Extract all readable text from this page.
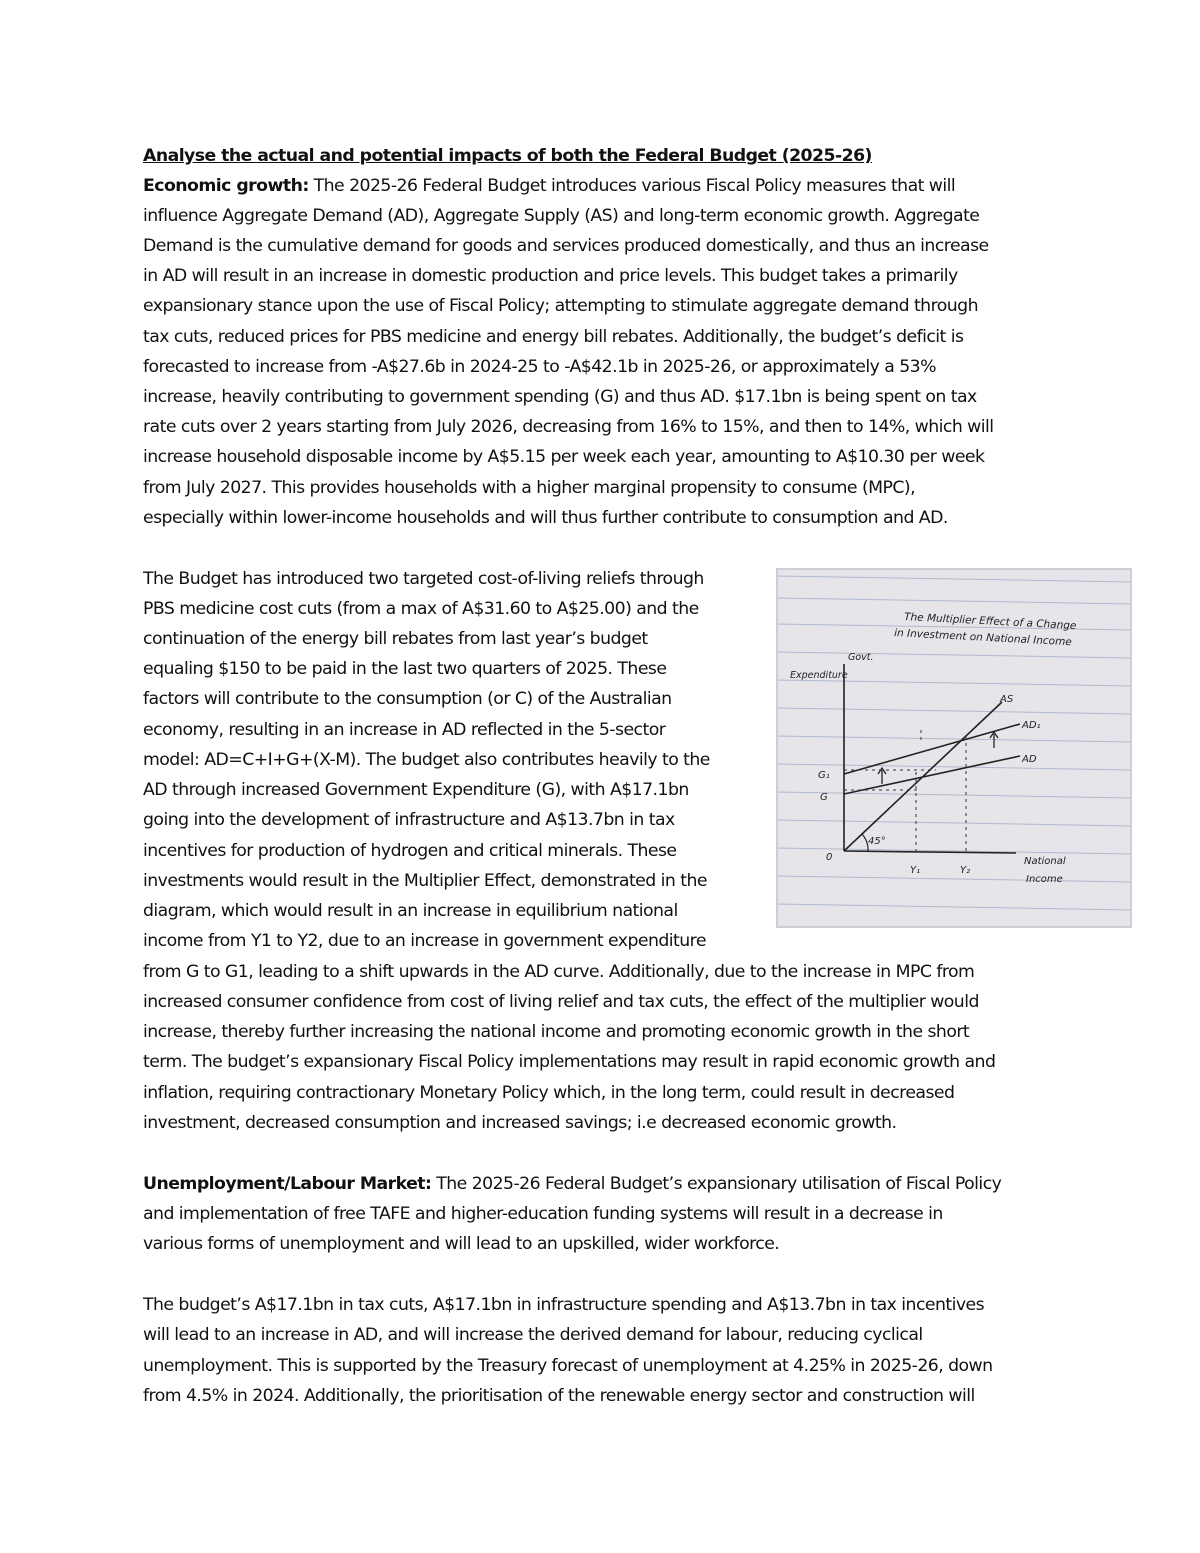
Analyse the actual and potential impacts of both the Federal Budget (2025-26)
Economic growth: The 2025-26 Federal Budget introduces various Fiscal Policy measures that will
influence Aggregate Demand (AD), Aggregate Supply (AS) and long-term economic growth. Aggregate
Demand is the cumulative demand for goods and services produced domestically, and thus an increase
in AD will result in an increase in domestic production and price levels. This budget takes a primarily
expansionary stance upon the use of Fiscal Policy; attempting to stimulate aggregate demand through
tax cuts, reduced prices for PBS medicine and energy bill rebates. Additionally, the budget’s deficit is
forecasted to increase from -A$27.6b in 2024-25 to -A$42.1b in 2025-26, or approximately a 53%
increase, heavily contributing to government spending (G) and thus AD. $17.1bn is being spent on tax
rate cuts over 2 years starting from July 2026, decreasing from 16% to 15%, and then to 14%, which will
increase household disposable income by A$5.15 per week each year, amounting to A$10.30 per week
from July 2027. This provides households with a higher marginal propensity to consume (MPC),
especially within lower-income households and will thus further contribute to consumption and AD.
The Budget has introduced two targeted cost-of-living reliefs through
PBS medicine cost cuts (from a max of A$31.60 to A$25.00) and the
continuation of the energy bill rebates from last year’s budget
equaling $150 to be paid in the last two quarters of 2025. These
factors will contribute to the consumption (or C) of the Australian
economy, resulting in an increase in AD reflected in the 5-sector
model: AD=C+I+G+(X-M). The budget also contributes heavily to the
AD through increased Government Expenditure (G), with A$17.1bn
going into the development of infrastructure and A$13.7bn in tax
incentives for production of hydrogen and critical minerals. These
investments would result in the Multiplier Effect, demonstrated in the
diagram, which would result in an increase in equilibrium national
income from Y1 to Y2, due to an increase in government expenditure
from G to G1, leading to a shift upwards in the AD curve. Additionally, due to the increase in MPC from
increased consumer confidence from cost of living relief and tax cuts, the effect of the multiplier would
increase, thereby further increasing the national income and promoting economic growth in the short
term. The budget’s expansionary Fiscal Policy implementations may result in rapid economic growth and
inflation, requiring contractionary Monetary Policy which, in the long term, could result in decreased
investment, decreased consumption and increased savings; i.e decreased economic growth.
Unemployment/Labour Market: The 2025-26 Federal Budget’s expansionary utilisation of Fiscal Policy
and implementation of free TAFE and higher-education funding systems will result in a decrease in
various forms of unemployment and will lead to an upskilled, wider workforce.
The budget’s A$17.1bn in tax cuts, A$17.1bn in infrastructure spending and A$13.7bn in tax incentives
will lead to an increase in AD, and will increase the derived demand for labour, reducing cyclical
unemployment. This is supported by the Treasury forecast of unemployment at 4.25% in 2025-26, down
from 4.5% in 2024. Additionally, the prioritisation of the renewable energy sector and construction will
The Multiplier Effect of a Change
in Investment on National Income
Govt.
Expenditure
National
Income
0
45°
AS
AD₁
AD
G₁
G
Y₁	Y₂
